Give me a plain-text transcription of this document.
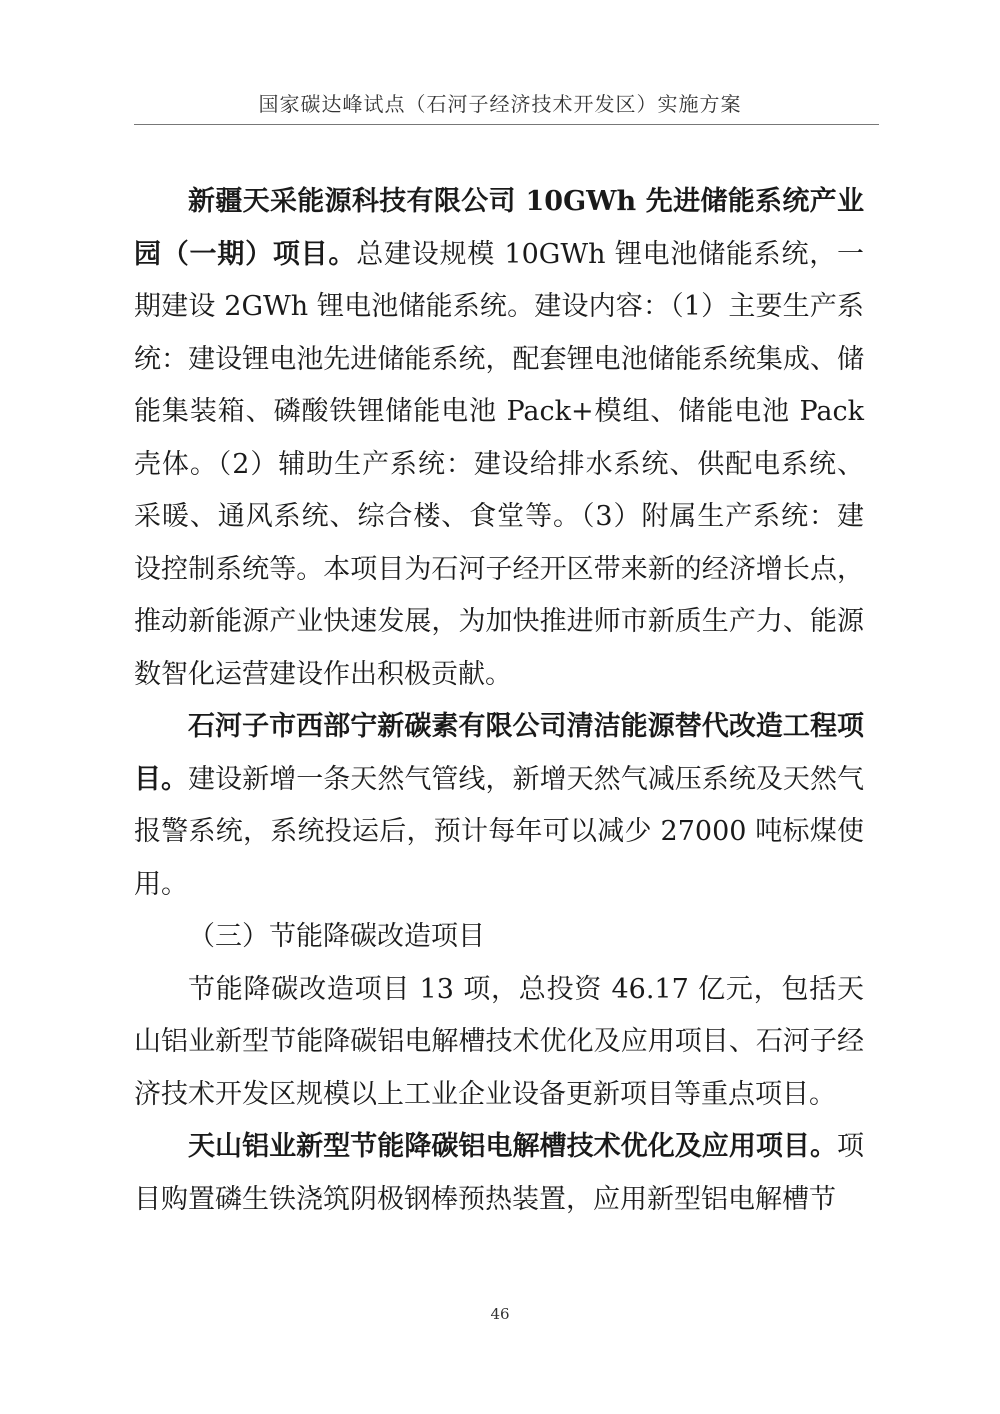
国家碳达峰试点（石河子经济技术开发区）实施方案

新疆天采能源科技有限公司 10GWh 先进储能系统产业园（一期）项目。总建设规模 10GWh 锂电池储能系统，一期建设 2GWh 锂电池储能系统。建设内容：（1）主要生产系统：建设锂电池先进储能系统，配套锂电池储能系统集成、储能集装箱、磷酸铁锂储能电池 Pack+模组、储能电池 Pack 壳体。（2）辅助生产系统：建设给排水系统、供配电系统、采暖、通风系统、综合楼、食堂等。（3）附属生产系统：建设控制系统等。本项目为石河子经开区带来新的经济增长点，推动新能源产业快速发展，为加快推进师市新质生产力、能源数智化运营建设作出积极贡献。

石河子市西部宁新碳素有限公司清洁能源替代改造工程项目。建设新增一条天然气管线，新增天然气减压系统及天然气报警系统，系统投运后，预计每年可以减少 27000 吨标煤使用。

（三）节能降碳改造项目

节能降碳改造项目 13 项，总投资 46.17 亿元，包括天山铝业新型节能降碳铝电解槽技术优化及应用项目、石河子经济技术开发区规模以上工业企业设备更新项目等重点项目。

天山铝业新型节能降碳铝电解槽技术优化及应用项目。项目购置磷生铁浇筑阴极钢棒预热装置，应用新型铝电解槽节

46
